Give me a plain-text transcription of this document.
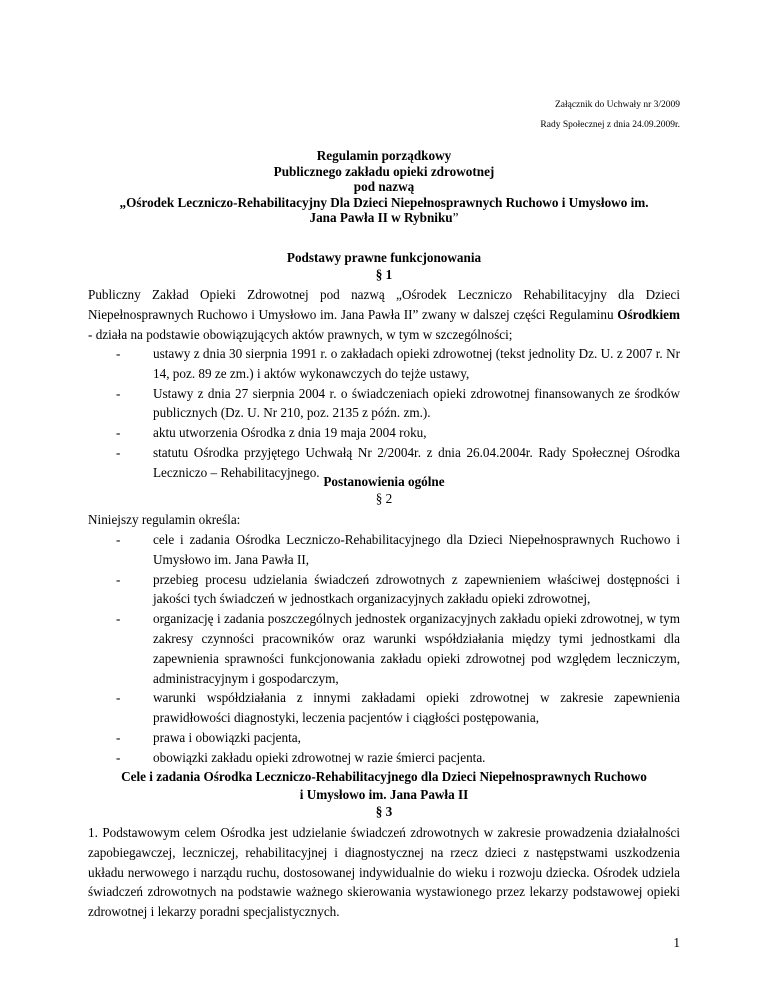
Załącznik do Uchwały nr 3/2009
Rady Społecznej z dnia 24.09.2009r.
Regulamin porządkowy
Publicznego zakładu opieki zdrowotnej
pod nazwą
„Ośrodek Leczniczo-Rehabilitacyjny Dla Dzieci Niepełnosprawnych Ruchowo i Umysłowo im.
Jana Pawła II w Rybniku”
Podstawy prawne funkcjonowania
§ 1
Publiczny Zakład Opieki Zdrowotnej pod nazwą „Ośrodek Leczniczo Rehabilitacyjny dla Dzieci Niepełnosprawnych Ruchowo i Umysłowo im. Jana Pawła II” zwany w dalszej części Regulaminu Ośrodkiem - działa na podstawie obowiązujących aktów prawnych, w tym w szczególności;
- ustawy z dnia 30 sierpnia 1991 r. o zakładach opieki zdrowotnej (tekst jednolity Dz. U. z 2007 r. Nr 14, poz. 89 ze zm.) i aktów wykonawczych do tejże ustawy,
- Ustawy z dnia 27 sierpnia 2004 r. o świadczeniach opieki zdrowotnej finansowanych ze środków publicznych (Dz. U. Nr 210, poz. 2135 z późn. zm.).
- aktu utworzenia Ośrodka z dnia 19 maja 2004 roku,
- statutu Ośrodka przyjętego Uchwałą Nr 2/2004r. z dnia 26.04.2004r. Rady Społecznej Ośrodka Leczniczo – Rehabilitacyjnego.
Postanowienia ogólne
§ 2
Niniejszy regulamin określa:
- cele i zadania Ośrodka Leczniczo-Rehabilitacyjnego dla Dzieci Niepełnosprawnych Ruchowo i Umysłowo im. Jana Pawła II,
- przebieg procesu udzielania świadczeń zdrowotnych z zapewnieniem właściwej dostępności i jakości tych świadczeń w jednostkach organizacyjnych zakładu opieki zdrowotnej,
- organizację i zadania poszczególnych jednostek organizacyjnych zakładu opieki zdrowotnej, w tym zakresy czynności pracowników oraz warunki współdziałania między tymi jednostkami dla zapewnienia sprawności funkcjonowania zakładu opieki zdrowotnej pod względem leczniczym, administracyjnym i gospodarczym,
- warunki współdziałania z innymi zakładami opieki zdrowotnej w zakresie zapewnienia prawidłowości diagnostyki, leczenia pacjentów i ciągłości postępowania,
- prawa i obowiązki pacjenta,
- obowiązki zakładu opieki zdrowotnej w razie śmierci pacjenta.
Cele i zadania Ośrodka Leczniczo-Rehabilitacyjnego dla Dzieci Niepełnosprawnych Ruchowo
i Umysłowo im. Jana Pawła II
§ 3
1. Podstawowym celem Ośrodka jest udzielanie świadczeń zdrowotnych w zakresie prowadzenia działalności zapobiegawczej, leczniczej, rehabilitacyjnej i diagnostycznej na rzecz dzieci z następstwami uszkodzenia układu nerwowego i narządu ruchu, dostosowanej indywidualnie do wieku i rozwoju dziecka. Ośrodek udziela świadczeń zdrowotnych na podstawie ważnego skierowania wystawionego przez lekarzy podstawowej opieki zdrowotnej i lekarzy poradni specjalistycznych.
1
